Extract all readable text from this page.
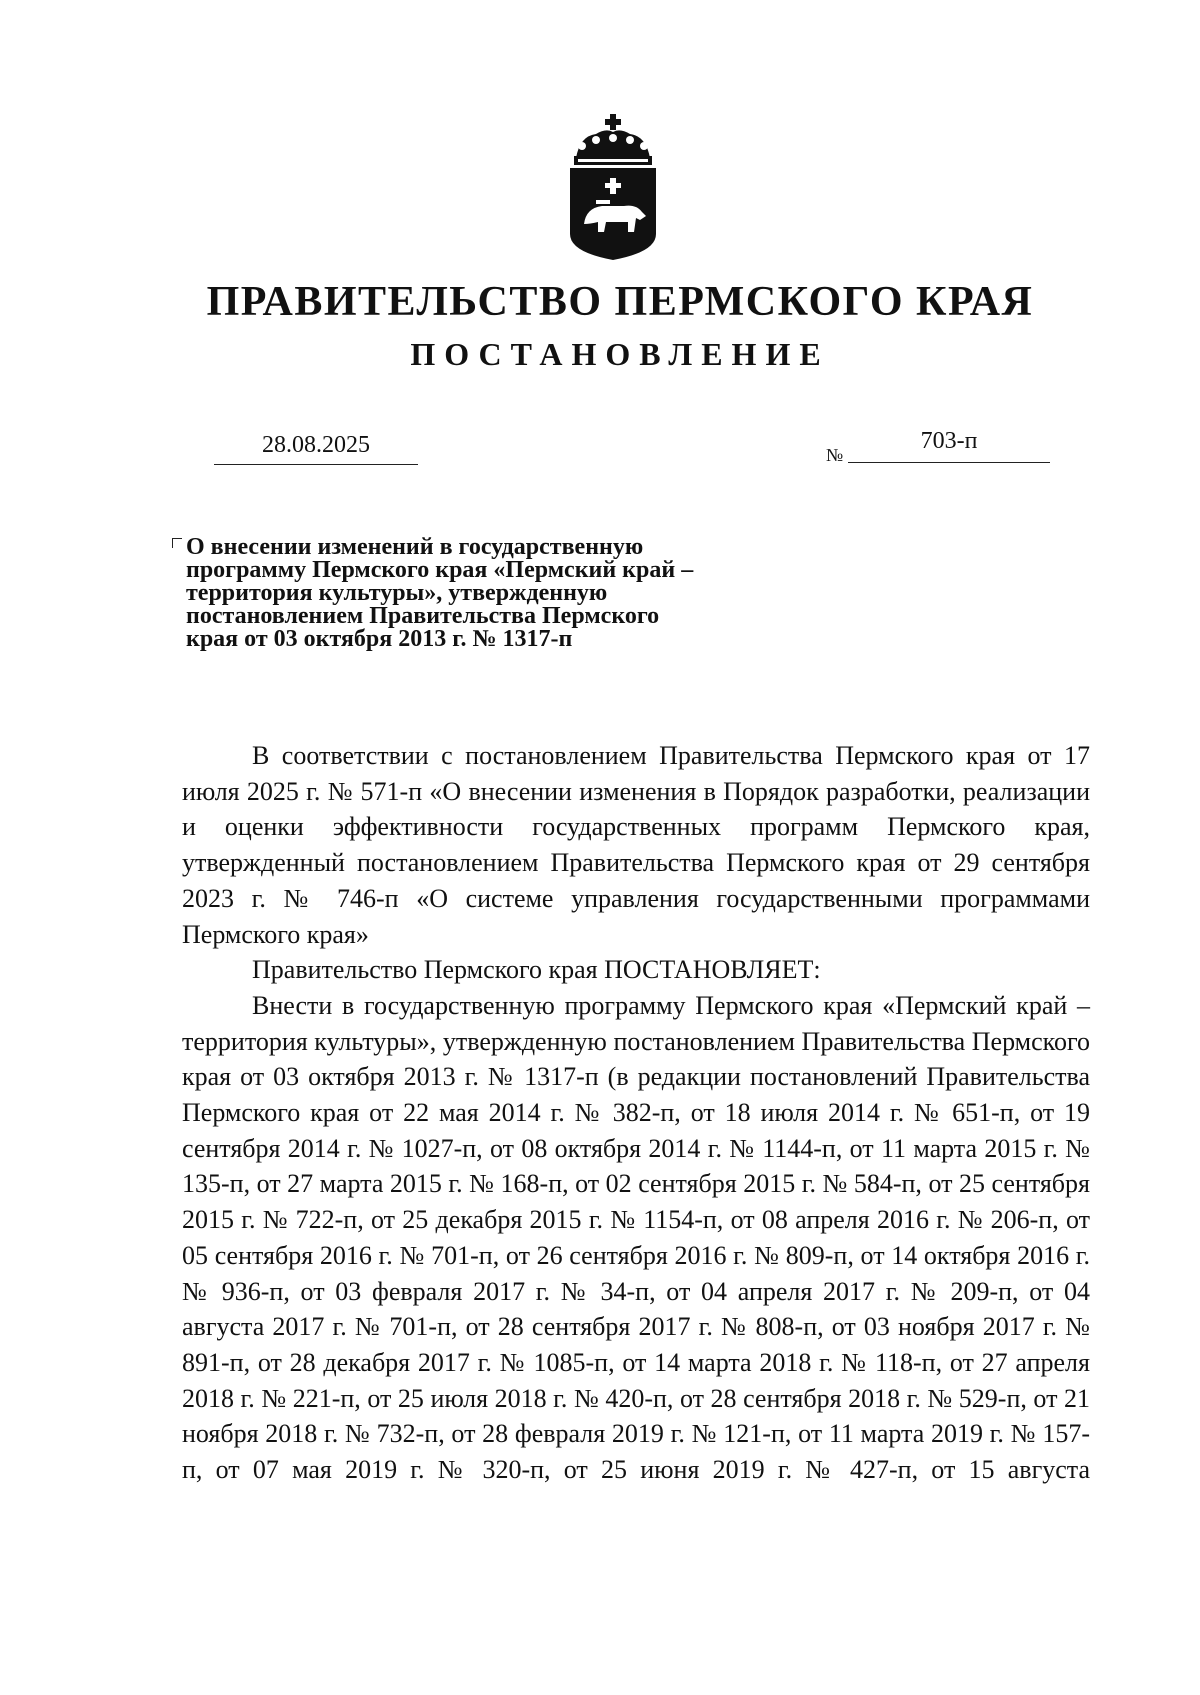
ПРАВИТЕЛЬСТВО ПЕРМСКОГО КРАЯ
ПОСТАНОВЛЕНИЕ
28.08.2025	№
703-п
О внесении изменений в государственную
программу Пермского края «Пермский край –
территория культуры», утвержденную
постановлением Правительства Пермского
края от 03 октября 2013 г. № 1317-п

В соответствии с постановлением Правительства Пермского края от 17 июля 2025 г. № 571-п «О внесении изменения в Порядок разработки, реализации и оценки эффективности государственных программ Пермского края, утвержденный постановлением Правительства Пермского края от 29 сентября 2023 г. № 746-п «О системе управления государственными программами Пермского края»

Правительство Пермского края ПОСТАНОВЛЯЕТ:

Внести в государственную программу Пермского края «Пермский край – территория культуры», утвержденную постановлением Правительства Пермского края от 03 октября 2013 г. № 1317-п (в редакции постановлений Правительства Пермского края от 22 мая 2014 г. № 382-п, от 18 июля 2014 г. № 651-п, от 19 сентября 2014 г. № 1027-п, от 08 октября 2014 г. № 1144-п, от 11 марта 2015 г. № 135-п, от 27 марта 2015 г. № 168-п, от 02 сентября 2015 г. № 584-п, от 25 сентября 2015 г. № 722-п, от 25 декабря 2015 г. № 1154-п, от 08 апреля 2016 г. № 206-п, от 05 сентября 2016 г. № 701-п, от 26 сентября 2016 г. № 809-п, от 14 октября 2016 г. № 936-п, от 03 февраля 2017 г. № 34-п, от 04 апреля 2017 г. № 209-п, от 04 августа 2017 г. № 701-п, от 28 сентября 2017 г. № 808-п, от 03 ноября 2017 г. № 891-п, от 28 декабря 2017 г. № 1085-п, от 14 марта 2018 г. № 118-п, от 27 апреля 2018 г. № 221-п, от 25 июля 2018 г. № 420-п, от 28 сентября 2018 г. № 529-п, от 21 ноября 2018 г. № 732-п, от 28 февраля 2019 г. № 121-п, от 11 марта 2019 г. № 157-п, от 07 мая 2019 г. № 320-п, от 25 июня 2019 г. № 427-п, от 15 августа
